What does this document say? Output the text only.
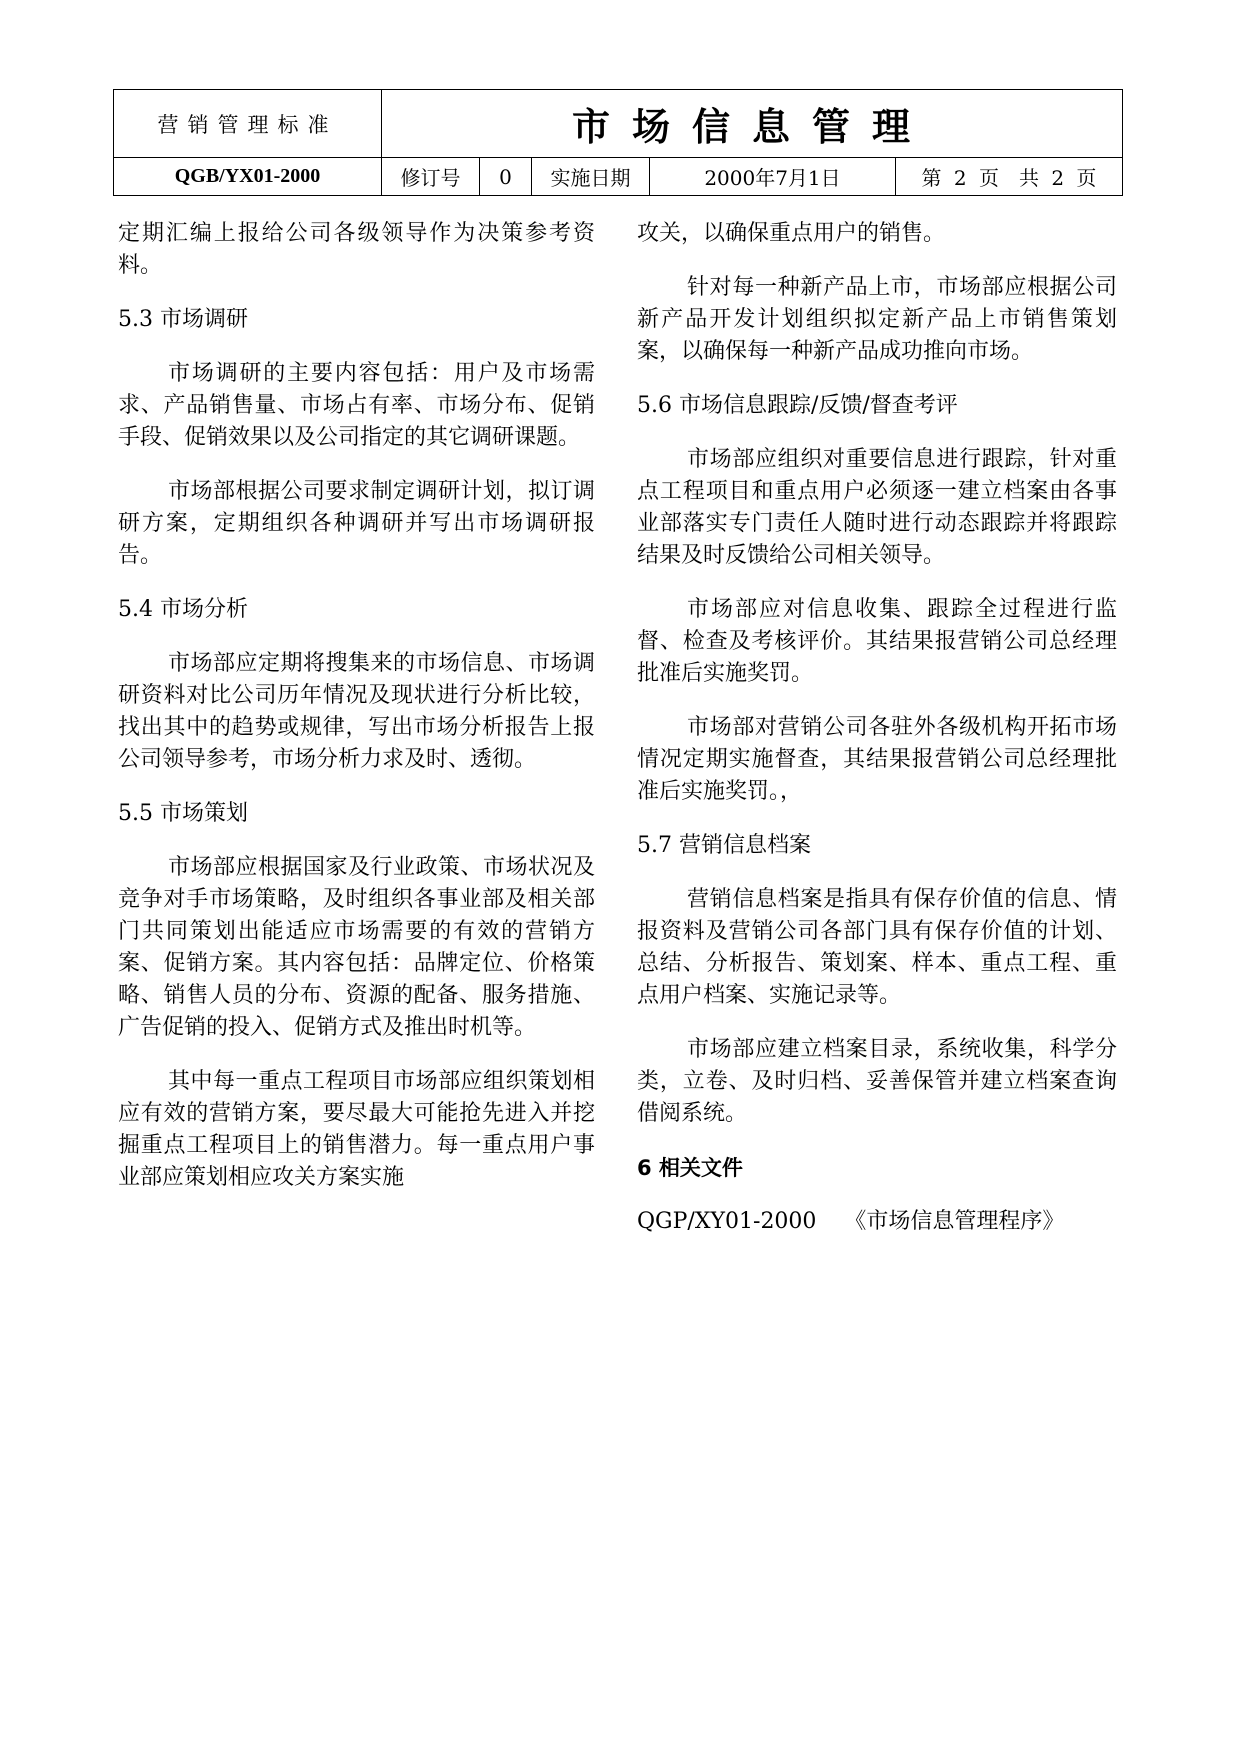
营销管理标准	市场信息管理				
QGB/YX01-2000	修订号	0	实施日期	2000年7月1日	第 2 页　共 2 页

定期汇编上报给公司各级领导作为决策参考资料。

5.3 市场调研

市场调研的主要内容包括：用户及市场需求、产品销售量、市场占有率、市场分布、促销手段、促销效果以及公司指定的其它调研课题。

市场部根据公司要求制定调研计划，拟订调研方案，定期组织各种调研并写出市场调研报告。

5.4 市场分析

市场部应定期将搜集来的市场信息、市场调研资料对比公司历年情况及现状进行分析比较，找出其中的趋势或规律，写出市场分析报告上报公司领导参考，市场分析力求及时、透彻。

5.5 市场策划

市场部应根据国家及行业政策、市场状况及竞争对手市场策略，及时组织各事业部及相关部门共同策划出能适应市场需要的有效的营销方案、促销方案。其内容包括：品牌定位、价格策略、销售人员的分布、资源的配备、服务措施、广告促销的投入、促销方式及推出时机等。

其中每一重点工程项目市场部应组织策划相应有效的营销方案，要尽最大可能抢先进入并挖掘重点工程项目上的销售潜力。每一重点用户事业部应策划相应攻关方案实施

攻关，以确保重点用户的销售。

针对每一种新产品上市，市场部应根据公司新产品开发计划组织拟定新产品上市销售策划案，以确保每一种新产品成功推向市场。

5.6 市场信息跟踪/反馈/督查考评

市场部应组织对重要信息进行跟踪，针对重点工程项目和重点用户必须逐一建立档案由各事业部落实专门责任人随时进行动态跟踪并将跟踪结果及时反馈给公司相关领导。

市场部应对信息收集、跟踪全过程进行监督、检查及考核评价。其结果报营销公司总经理批准后实施奖罚。

市场部对营销公司各驻外各级机构开拓市场情况定期实施督查，其结果报营销公司总经理批准后实施奖罚。，

5.7 营销信息档案

营销信息档案是指具有保存价值的信息、情报资料及营销公司各部门具有保存价值的计划、总结、分析报告、策划案、样本、重点工程、重点用户档案、实施记录等。

市场部应建立档案目录，系统收集，科学分类，立卷、及时归档、妥善保管并建立档案查询借阅系统。

6 相关文件

QGP/XY01-2000    《市场信息管理程序》
